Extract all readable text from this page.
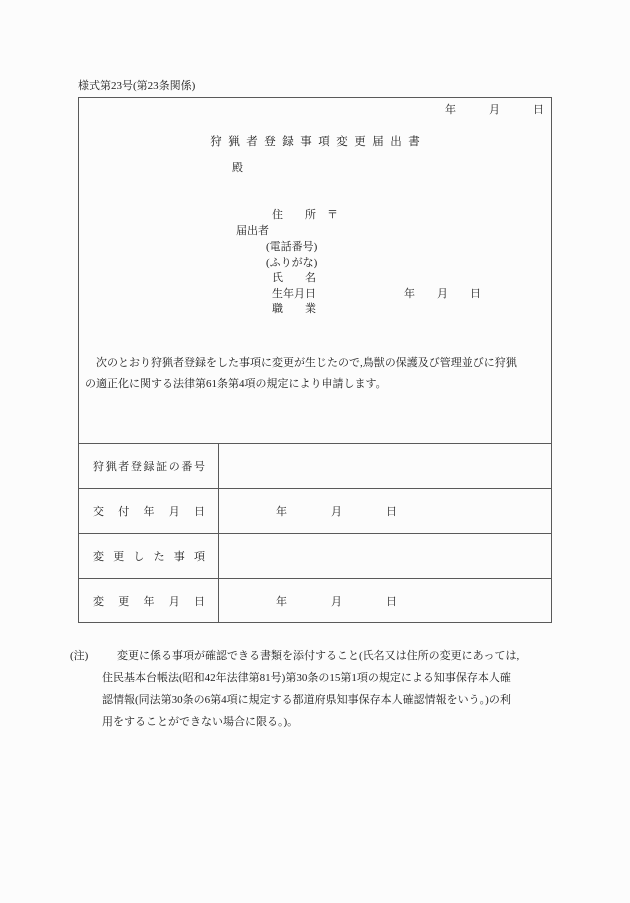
様式第23号(第23条関係)
年　　　月　　　日
狩猟者登録事項変更届出書
殿
住　　所　〒
届出者
(電話番号)
(ふりがな)
氏　　名
生年月日	年　　月　　日
職　　業
　次のとおり狩猟者登録をした事項に変更が生じたので,鳥獣の保護及び管理並びに狩猟
の適正化に関する法律第61条第4項の規定により申請します。
狩猟者登録証の番号
交付年月日	年　　　　月　　　　日
変更した事項
変更年月日	年　　　　月　　　　日
(注)	変更に係る事項が確認できる書類を添付すること(氏名又は住所の変更にあっては,
住民基本台帳法(昭和42年法律第81号)第30条の15第1項の規定による知事保存本人確
認情報(同法第30条の6第4項に規定する都道府県知事保存本人確認情報をいう。)の利
用をすることができない場合に限る。)。
